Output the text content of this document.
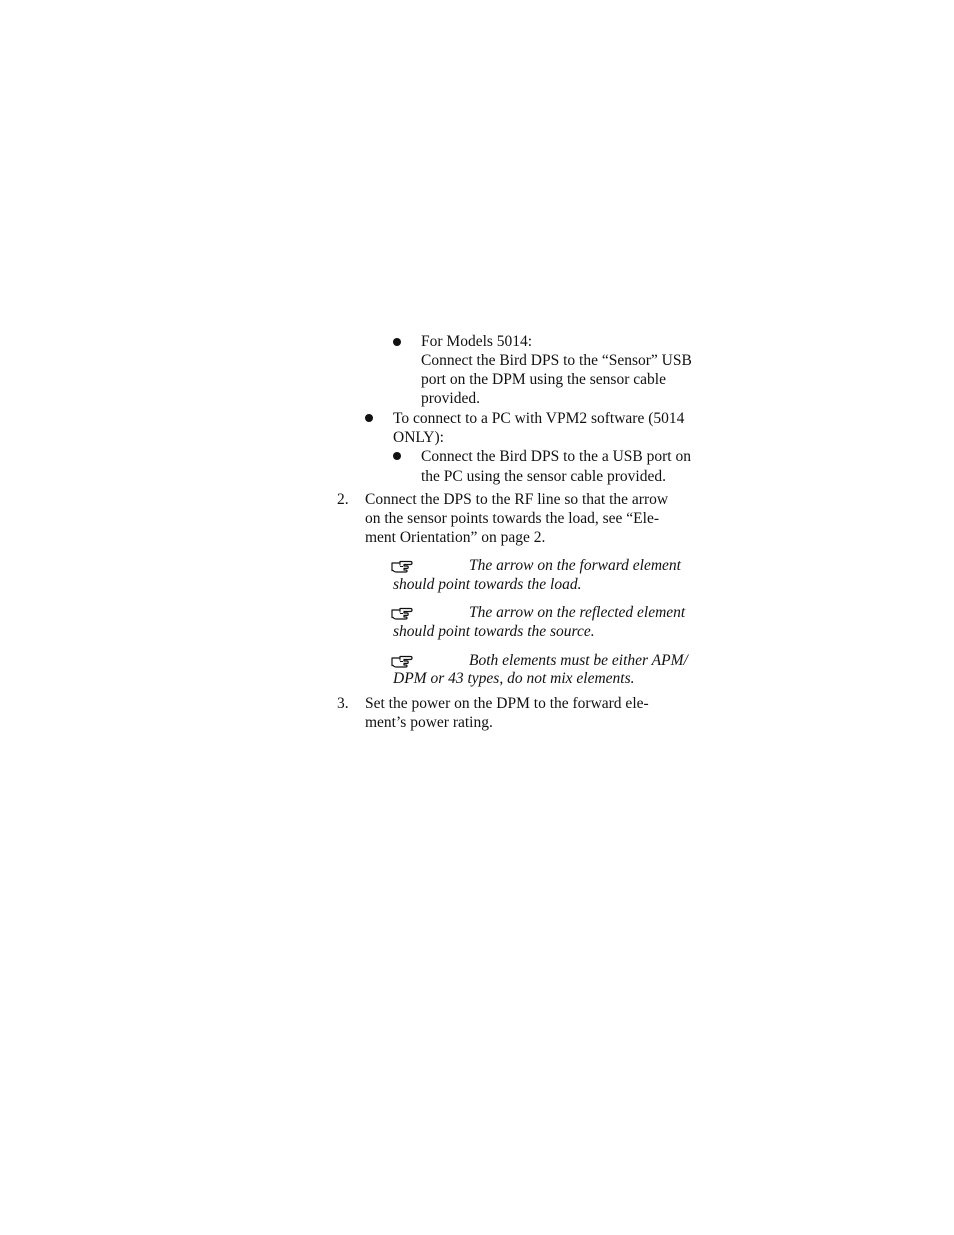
For Models 5014:
Connect the Bird DPS to the “Sensor” USB
port on the DPM using the sensor cable
provided.
To connect to a PC with VPM2 software (5014
ONLY):
Connect the Bird DPS to the a USB port on
the PC using the sensor cable provided.
2. Connect the DPS to the RF line so that the arrow
on the sensor points towards the load, see “Ele-
ment Orientation” on page 2.
The arrow on the forward element
should point towards the load.
The arrow on the reflected element
should point towards the source.
Both elements must be either APM/
DPM or 43 types, do not mix elements.
3. Set the power on the DPM to the forward ele-
ment’s power rating.
